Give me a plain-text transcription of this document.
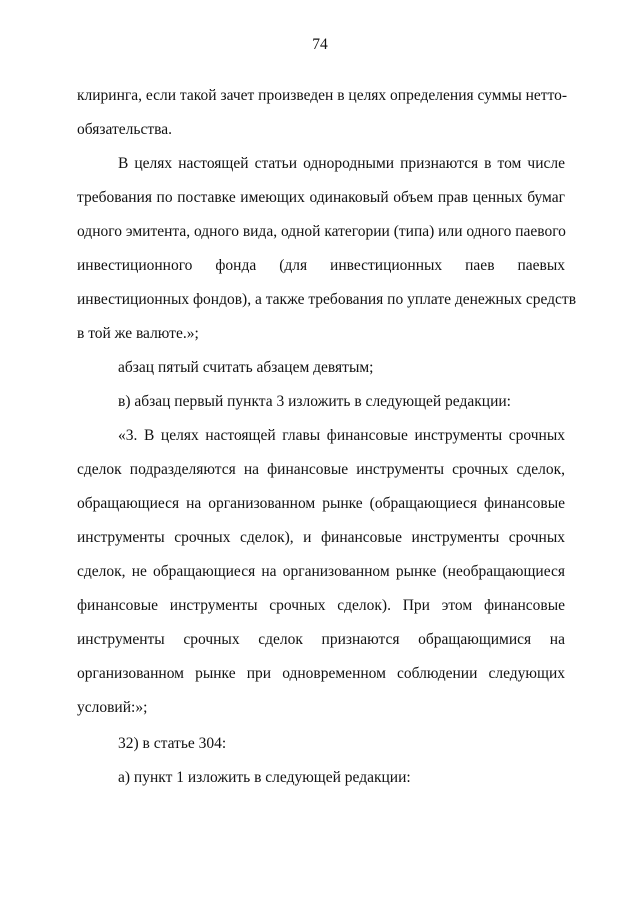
74
клиринга, если такой зачет произведен в целях определения суммы нетто-
обязательства.
В целях настоящей статьи однородными признаются в том числе
требования по поставке имеющих одинаковый объем прав ценных бумаг
одного эмитента, одного вида, одной категории (типа) или одного паевого
инвестиционного фонда (для инвестиционных паев паевых
инвестиционных фондов), а также требования по уплате денежных средств
в той же валюте.»;
абзац пятый считать абзацем девятым;
в) абзац первый пункта 3 изложить в следующей редакции:
«3. В целях настоящей главы финансовые инструменты срочных
сделок подразделяются на финансовые инструменты срочных сделок,
обращающиеся на организованном рынке (обращающиеся финансовые
инструменты срочных сделок), и финансовые инструменты срочных
сделок, не обращающиеся на организованном рынке (необращающиеся
финансовые инструменты срочных сделок). При этом финансовые
инструменты срочных сделок признаются обращающимися на
организованном рынке при одновременном соблюдении следующих
условий:»;
32) в статье 304:
а) пункт 1 изложить в следующей редакции:
